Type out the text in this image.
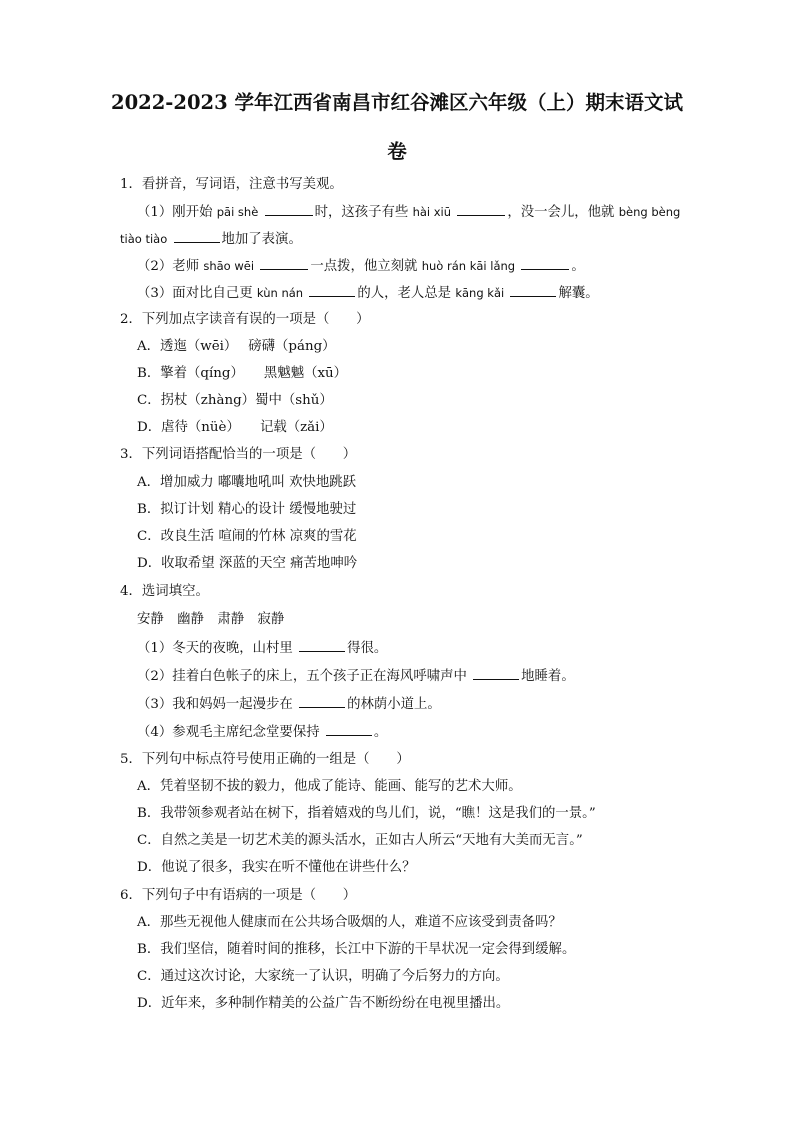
2022-2023 学年江西省南昌市红谷滩区六年级（上）期末语文试
卷
1．看拼音，写词语，注意书写美观。
（1）刚开始 pāi shè	时，这孩子有些 hài xiū	，没一会儿，他就 bèng bèng
tiào tiào	地加了表演。
（2）老师 shāo wēi	一点拨，他立刻就 huò rán kāi lǎng	。
（3）面对比自己更 kùn nán	的人，老人总是 kāng kǎi	解囊。
2．下列加点字读音有误的一项是（　　）
A．透迤（wēi）　 磅礴（páng）
B．擎着（qíng）　　黑魆魆（xū）
C．拐杖（zhàng）蜀中（shǔ）
D．虐待（nüè）　　记载（zǎi）
3．下列词语搭配恰当的一项是（　　）
A．增加威力 嘟囔地吼叫 欢快地跳跃
B．拟订计划 精心的设计 缓慢地驶过
C．改良生活 喧闹的竹林 凉爽的雪花
D．收取希望 深蓝的天空 痛苦地呻吟
4．选词填空。
安静　幽静　肃静　寂静
（1）冬天的夜晚，山村里	得很。
（2）挂着白色帐子的床上，五个孩子正在海风呼啸声中	地睡着。
（3）我和妈妈一起漫步在	的林荫小道上。
（4）参观毛主席纪念堂要保持	。
5．下列句中标点符号使用正确的一组是（　　）
A．凭着坚韧不拔的毅力，他成了能诗、能画、能写的艺术大师。
B．我带领参观者站在树下，指着嬉戏的鸟儿们，说，“瞧！这是我们的一景。”
C．自然之美是一切艺术美的源头活水，正如古人所云“天地有大美而无言。”
D．他说了很多，我实在听不懂他在讲些什么？
6．下列句子中有语病的一项是（　　）
A．那些无视他人健康而在公共场合吸烟的人，难道不应该受到责备吗？
B．我们坚信，随着时间的推移，长江中下游的干旱状况一定会得到缓解。
C．通过这次讨论，大家统一了认识，明确了今后努力的方向。
D．近年来，多种制作精美的公益广告不断纷纷在电视里播出。
